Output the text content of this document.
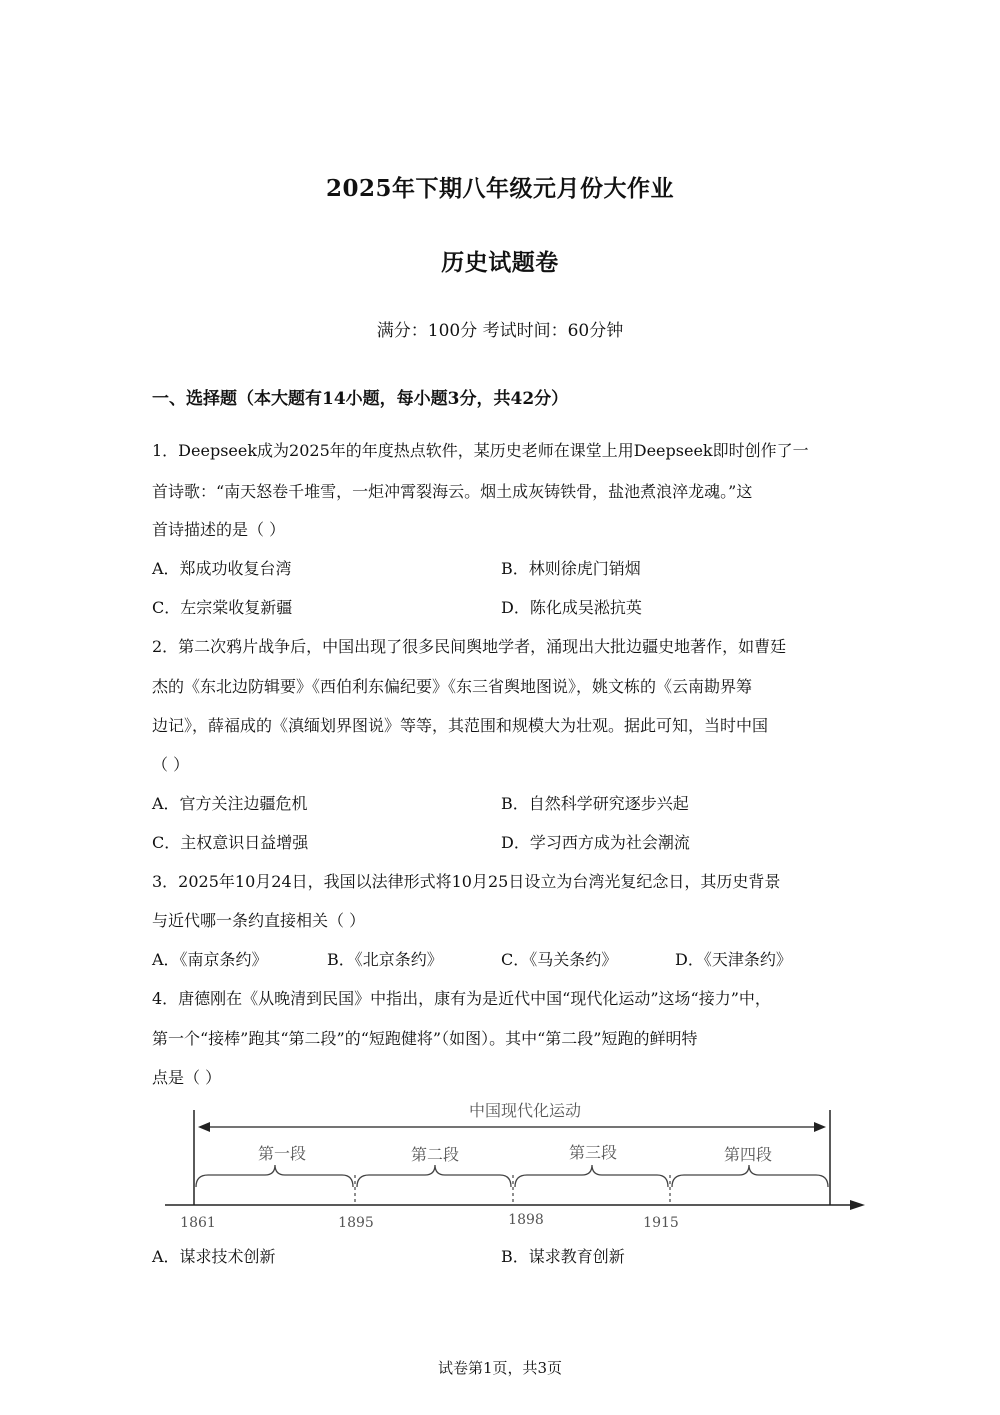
2025年下期八年级元月份大作业
历史试题卷
满分：100分 考试时间：60分钟
一、选择题（本大题有14小题，每小题3分，共42分）
1．Deepseek成为2025年的年度热点软件，某历史老师在课堂上用Deepseek即时创作了一
首诗歌：“南天怒卷千堆雪，一炬冲霄裂海云。烟土成灰铸铁骨，盐池煮浪淬龙魂。”这
首诗描述的是（ ）
A．郑成功收复台湾	B．林则徐虎门销烟
C．左宗棠收复新疆	D．陈化成吴淞抗英
2．第二次鸦片战争后，中国出现了很多民间舆地学者，涌现出大批边疆史地著作，如曹廷
杰的《东北边防辑要》《西伯利东偏纪要》《东三省舆地图说》，姚文栋的《云南勘界筹
边记》，薛福成的《滇缅划界图说》等等，其范围和规模大为壮观。据此可知，当时中国
（ ）
A．官方关注边疆危机	B．自然科学研究逐步兴起
C．主权意识日益增强	D．学习西方成为社会潮流
3．2025年10月24日，我国以法律形式将10月25日设立为台湾光复纪念日，其历史背景
与近代哪一条约直接相关（ ）
A．《南京条约》	B．《北京条约》	C．《马关条约》	D．《天津条约》
4．唐德刚在《从晚清到民国》中指出，康有为是近代中国“现代化运动”这场“接力”中，
第一个“接棒”跑其“第二段”的“短跑健将”（如图）。其中“第二段”短跑的鲜明特
点是（ ）
中国现代化运动
第一段	第二段	第三段	第四段
1861	1895	1898	1915
A．谋求技术创新	B．谋求教育创新
试卷第1页，共3页
